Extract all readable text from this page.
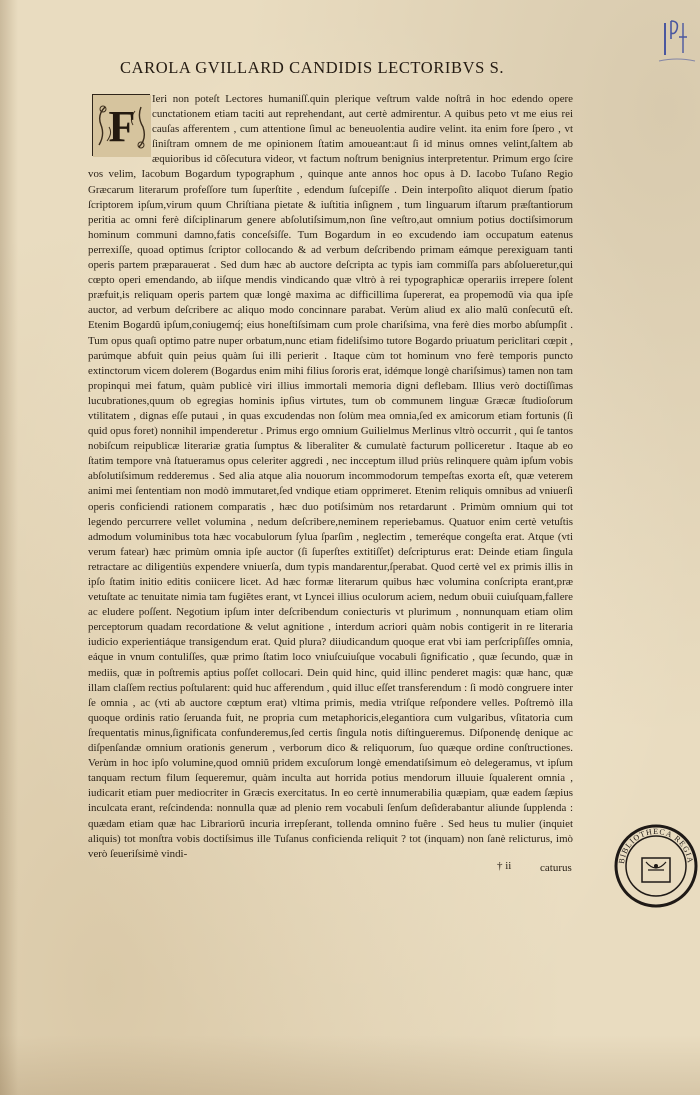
CAROLA GVILLARD CANDIDIS LECTORIBVS S.
F
Ieri non poteſt Lectores humaniſſ.quin plerique veſtrum valde noſtrâ in hoc edendo opere cunctationem etiam taciti aut reprehendant, aut certè admirentur. A quibus peto vt me eius rei cauſas afferentem , cum attentione ſimul ac beneuolentia audire velint. ita enim fore ſpero , vt ſiniſtram omnem de me opinionem ſtatim amoueant:aut ſi id minus omnes velint,ſaltem ab æquioribus id cõſecutura videor, vt factum noſtrum benignius interpretentur. Primum ergo ſcire vos velim, Iacobum Bogardum typographum , quinque ante annos hoc opus à D. Iacobo Tuſano Regio Græcarum literarum profeſſore tum ſuperſtite , edendum ſuſcepiſſe . Dein interpoſito aliquot dierum ſpatio ſcriptorem ipſum,virum quum Chriſtiana pietate & iuſtitia inſignem , tum linguarum iſtarum præſtantiorum peritia ac omni ferè diſciplinarum genere abſolutiſsimum,non ſine veſtro,aut omnium potius doctiſsimorum hominum communi damno,fatis conceſsiſſe. Tum Bogardum in eo excudendo iam occupatum eatenus perrexiſſe, quoad optimus ſcriptor collocando & ad verbum deſcribendo primam eámque perexiguam tanti operis partem præparauerat . Sed dum hæc ab auctore deſcripta ac typis iam commiſſa pars abſolueretur,qui cœpto operi emendando, ab iiſque mendis vindicando quæ vltrò à rei typographicæ operariis irrepere ſolent præfuit,is reliquam operis partem quæ longè maxima ac difficillima ſupererat, ea propemodũ via qua ipſe auctor, ad verbum deſcribere ac aliquo modo concinnare parabat. Verùm aliud ex alio malũ conſecutũ eſt. Etenim Bogardũ ipſum,coniugemq́; eius honeſtiſsimam cum prole chariſsima, vna ferè dies morbo abſumpſit . Tum opus quaſi optimo patre nuper orbatum,nunc etiam fideliſsimo tutore Bogardo priuatum periclitari cœpit , parúmque abfuit quin peius quàm ſui illi perierit . Itaque cùm tot hominum vno ferè temporis puncto extinctorum vicem dolerem (Bogardus enim mihi filius ſororis erat, idémque longè chariſsimus) tamen non tam propinqui mei fatum, quàm publicè viri illius immortali memoria digni deflebam. Illius verò doctiſſimas lucubrationes,quum ob egregias hominis ipſius virtutes, tum ob communem linguæ Græcæ ſtudioſorum vtilitatem , dignas eſſe putaui , in quas excudendas non ſolùm mea omnia,ſed ex amicorum etiam fortunis (ſi quid opus foret) nonnihil impenderetur . Primus ergo omnium Guilielmus Merlinus vltrò occurrit , qui ſe tantos nobiſcum reipublicæ literariæ gratia ſumptus & liberaliter & cumulatè facturum polliceretur . Itaque ab eo ſtatim tempore vnà ſtatueramus opus celeriter aggredi , nec incceptum illud priùs relinquere quàm ipſum vobis abſolutiſsimum redderemus . Sed alia atque alia nouorum incommodorum tempeſtas exorta eſt, quæ veterem animi mei ſententiam non modò immutaret,ſed vndique etiam opprimeret. Etenim reliquis omnibus ad vniuerſi operis conficiendi rationem comparatis , hæc duo potiſsimùm nos retardarunt . Primùm omnium qui tot legendo percurrere vellet volumina , nedum deſcribere,neminem reperiebamus. Quatuor enim certè vetuſtis admodum voluminibus tota hæc vocabulorum ſylua ſparſim , neglectim , temeréque congeſta erat. Atque (vti verum fatear) hæc primùm omnia ipſe auctor (ſi ſuperſtes extitiſſet) deſcripturus erat: Deinde etiam ſingula retractare ac diligentiùs expendere vniuerſa, dum typis mandarentur,ſperabat. Quod certè vel ex primis illis in ipſo ſtatim initio editis coniicere licet. Ad hæc formæ literarum quibus hæc volumina conſcripta erant,præ vetuſtate ac tenuitate nimia tam fugiẽtes erant, vt Lyncei illius oculorum aciem, nedum obuii cuiuſquam,fallere ac eludere poſſent. Negotium ipſum inter deſcribendum coniecturis vt plurimum , nonnunquam etiam olim perceptorum quadam recordatione & velut agnitione , interdum acriori quàm nobis contigerit in re literaria iudicio experientiáque transigendum erat. Quid plura? diiudicandum quoque erat vbi iam perſcripſiſſes omnia, eáque in vnum contuliſſes, quæ primo ſtatim loco vniuſcuiuſque vocabuli ſignificatio , quæ ſecundo, quæ in mediis, quæ in poſtremis aptius poſſet collocari. Dein quid hinc, quid illinc penderet magis: quæ hanc, quæ illam claſſem rectius poſtularent: quid huc afferendum , quid illuc eſſet transferendum : ſi modò congruere inter ſe omnia , ac (vti ab auctore cœptum erat) vltima primis, media vtriſque reſpondere velles. Poſtremò illa quoque ordinis ratio ſeruanda fuit, ne propria cum metaphoricis,elegantiora cum vulgaribus, vſitatoria cum ſrequentatis minus,ſignificata confunderemus,ſed certis ſingula notis diſtingueremus. Diſponendę denique ac diſpenſandæ omnium orationis generum , verborum dico & reliquorum, ſuo quæque ordine conſtructiones. Verùm in hoc ipſo volumine,quod omniũ pridem excuſorum longè emendatiſsimum eò delegeramus, vt ipſum tanquam rectum filum ſequeremur, quàm inculta aut horrida potius mendorum illuuie ſqualerent omnia , iudicarit etiam puer mediocriter in Græcis exercitatus. In eo certè innumerabilia quæpiam, quæ eadem ſæpius inculcata erant, reſcindenda: nonnulla quæ ad plenio rem vocabuli ſenſum deſiderabantur aliunde ſupplenda : quædam etiam quæ hac Librariorũ incuria irrepſerant, tollenda omnino fuêre . Sed heus tu mulier (inquiet aliquis) tot monſtra vobis doctiſsimus ille Tuſanus conficienda reliquit ? tot (inquam) non ſanè relicturus, imò verò ſeueriſsimè vindi-
† ii	caturus
BIBLIOTHECA REGIA
